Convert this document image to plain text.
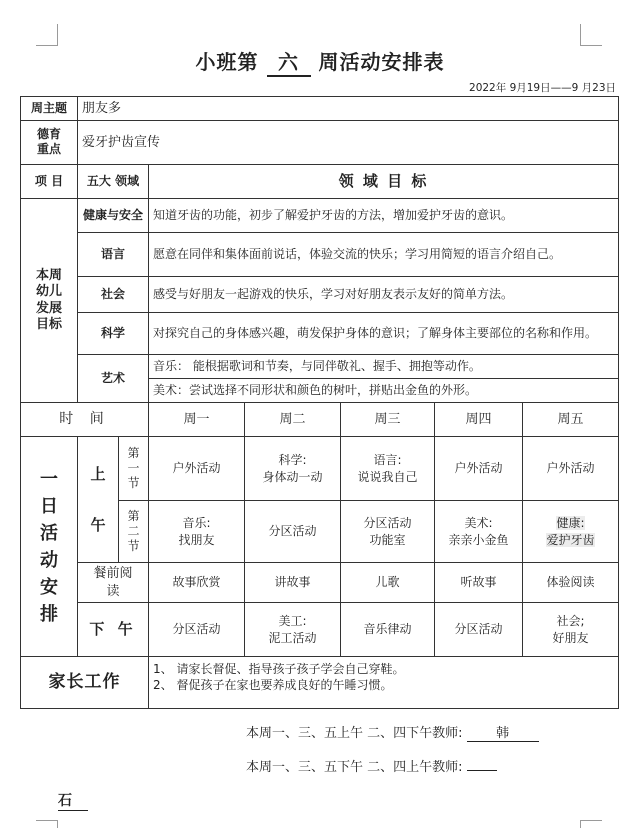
小班第 六 周活动安排表
2022年 9月19日——9 月23日
周主题	朋友多						
德育重点	爱牙护齿宣传						
项 目	五大 领域		领 域 目 标				
本周幼儿发展目标	健康与安全		知道牙齿的功能，初步了解爱护牙齿的方法，增加爱护牙齿的意识。				
	语言		愿意在同伴和集体面前说话，体验交流的快乐；学习用简短的语言介绍自己。				
	社会		感受与好朋友一起游戏的快乐，学习对好朋友表示友好的简单方法。				
	科学		对探究自己的身体感兴趣，萌发保护身体的意识；了解身体主要部位的名称和作用。				
	艺术		音乐： 能根据歌词和节奏，与同伴敬礼、握手、拥抱等动作。				
			美术：尝试选择不同形状和颜色的树叶，拼贴出金鱼的外形。				
时 间			周一	周二	周三	周四	周五
一日活动安排	上午	第一节	户外活动	科学:
身体动一动	语言:
说说我自己	户外活动	户外活动
		第二节	音乐:
找朋友	分区活动	分区活动
功能室	美术:
亲亲小金鱼	健康:
爱护牙齿
	餐前阅读		故事欣赏	讲故事	儿歌	听故事	体验阅读
	下 午		分区活动	美工:
泥工活动	音乐律动	分区活动	社会;
好朋友
家长工作			1、 请家长督促、指导孩子孩子学会自己穿鞋。
2、 督促孩子在家也要养成良好的午睡习惯。				
本周一、三、五上午 二、四下午教师:	韩
本周一、三、五下午 二、四上午教师:
石
